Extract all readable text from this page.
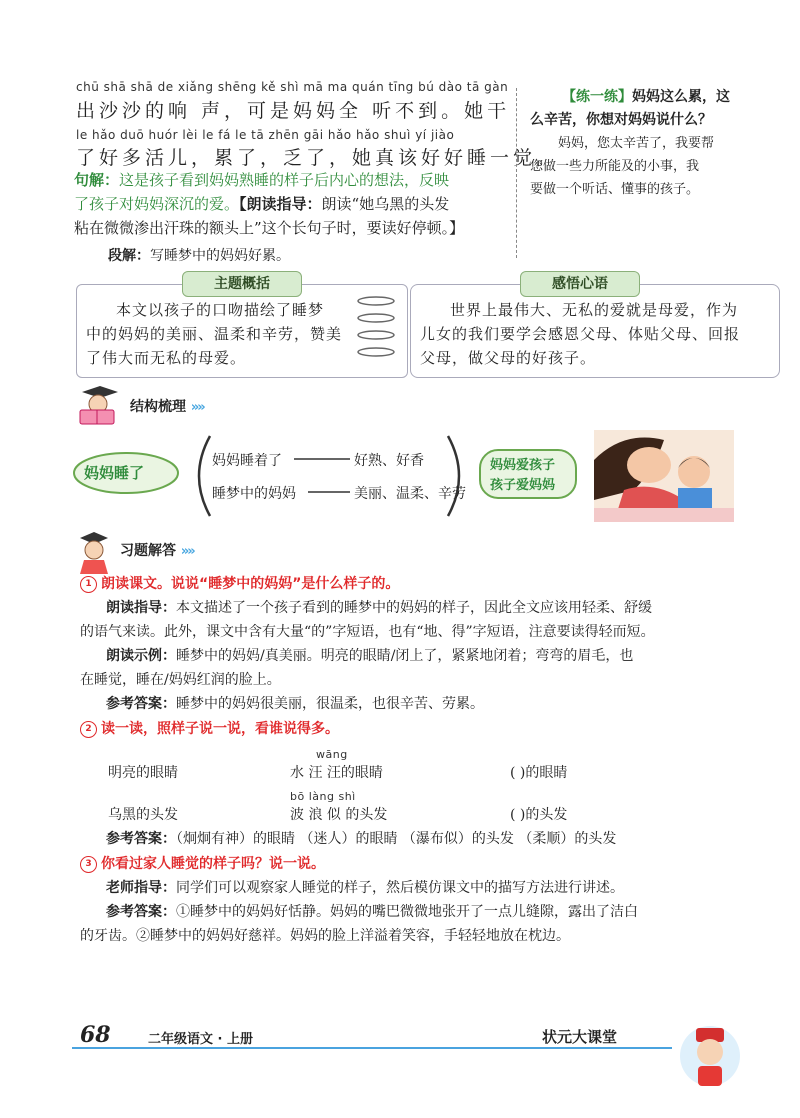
chū shā shā de xiǎng shēng kě shì mā ma quán tīng bú dào tā gàn
出沙沙的响 声，可是妈妈全 听不到。她干
le hǎo duō huór lèi le fá le tā zhēn gāi hǎo hǎo shuì yí jiào
了好多活儿，累了，乏了，她真该好好睡一觉。
句解：这是孩子看到妈妈熟睡的样子后内心的想法，反映
了孩子对妈妈深沉的爱。【朗读指导：朗读“她乌黑的头发
粘在微微渗出汗珠的额头上”这个长句子时，要读好停顿。】
段解：写睡梦中的妈妈好累。
【练一练】妈妈这么累，这
么辛苦，你想对妈妈说什么？
妈妈，您太辛苦了，我要帮
您做一些力所能及的小事，我
要做一个听话、懂事的孩子。
主题概括
本文以孩子的口吻描绘了睡梦
中的妈妈的美丽、温柔和辛劳，赞美
了伟大而无私的母爱。
感悟心语
世界上最伟大、无私的爱就是母爱，作为
儿女的我们要学会感恩父母、体贴父母、回报
父母，做父母的好孩子。
结构梳理 »»
妈妈睡了
妈妈睡着了	好熟、好香
睡梦中的妈妈	美丽、温柔、辛劳
妈妈爱孩子
孩子爱妈妈
习题解答 »»
1 朗读课文。说说“睡梦中的妈妈”是什么样子的。
朗读指导：本文描述了一个孩子看到的睡梦中的妈妈的样子，因此全文应该用轻柔、舒缓
的语气来读。此外，课文中含有大量“的”字短语，也有“地、得”字短语，注意要读得轻而短。
朗读示例：睡梦中的妈妈/真美丽。明亮的眼睛/闭上了，紧紧地闭着；弯弯的眉毛，也
在睡觉，睡在/妈妈红润的脸上。
参考答案：睡梦中的妈妈很美丽，很温柔，也很辛苦、劳累。
2 读一读，照样子说一说，看谁说得多。
wāng
明亮的眼睛	水 汪 汪的眼睛	( )的眼睛
bō làng shì
乌黑的头发	波 浪 似 的头发	( )的头发
参考答案：（炯炯有神）的眼睛 （迷人）的眼睛 （瀑布似）的头发 （柔顺）的头发
3 你看过家人睡觉的样子吗？说一说。
老师指导：同学们可以观察家人睡觉的样子，然后模仿课文中的描写方法进行讲述。
参考答案：①睡梦中的妈妈好恬静。妈妈的嘴巴微微地张开了一点儿缝隙，露出了洁白
的牙齿。②睡梦中的妈妈好慈祥。妈妈的脸上洋溢着笑容，手轻轻地放在枕边。
68	二年级语文 · 上册	状元大课堂
